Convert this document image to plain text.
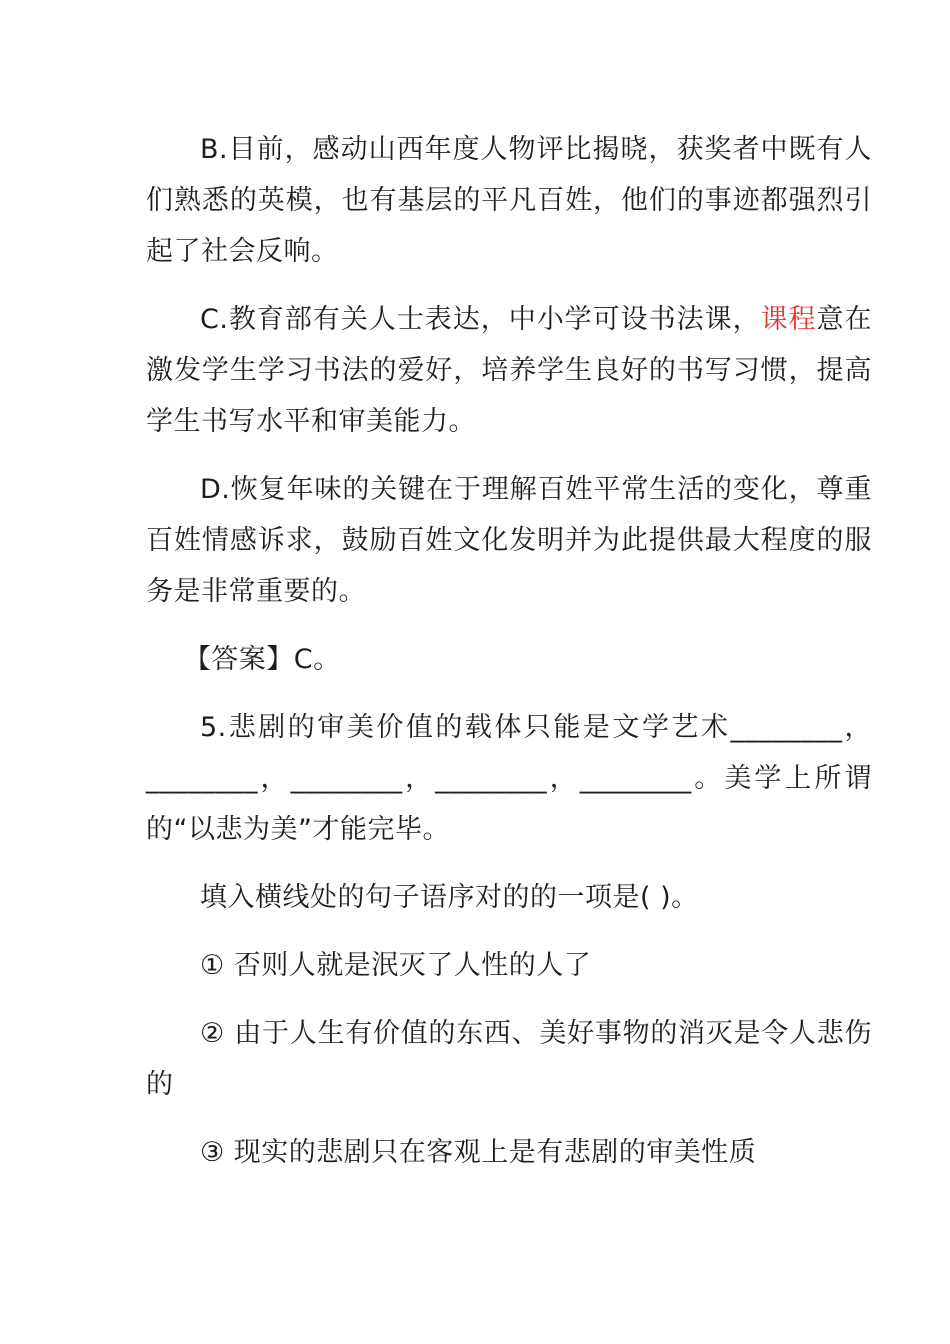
B.目前，感动山西年度人物评比揭晓，获奖者中既有人们熟悉的英模，也有基层的平凡百姓，他们的事迹都强烈引起了社会反响。

C.教育部有关人士表达，中小学可设书法课，课程意在激发学生学习书法的爱好，培养学生良好的书写习惯，提高学生书写水平和审美能力。

D.恢复年味的关键在于理解百姓平常生活的变化，尊重百姓情感诉求，鼓励百姓文化发明并为此提供最大程度的服务是非常重要的。

【答案】C。

5.悲剧的审美价值的载体只能是文学艺术________，________，________，________，________。美学上所谓的“以悲为美”才能完毕。

填入横线处的句子语序对的的一项是( )。

① 否则人就是泯灭了人性的人了

② 由于人生有价值的东西、美好事物的消灭是令人悲伤的

③ 现实的悲剧只在客观上是有悲剧的审美性质
